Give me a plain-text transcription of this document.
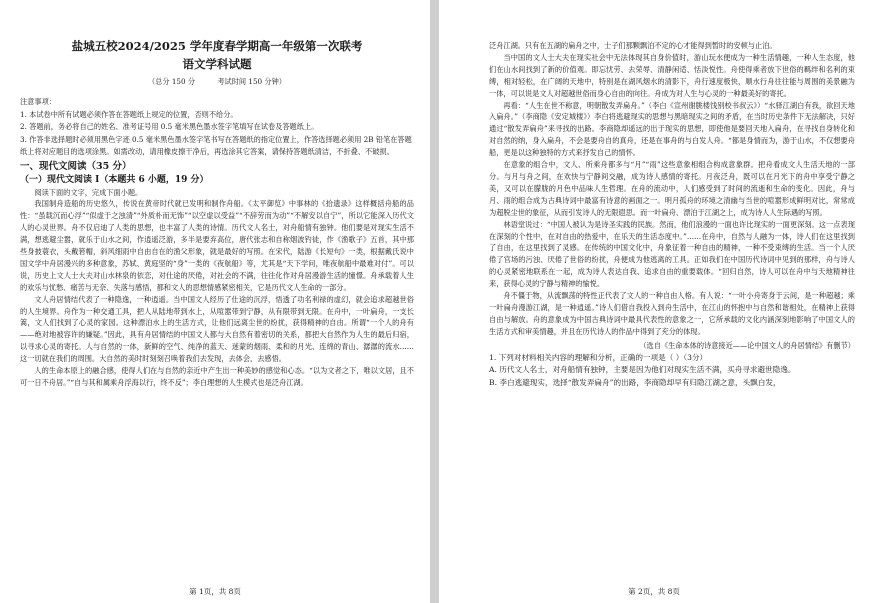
盐城五校2024/2025 学年度春学期高一年级第一次联考
语文学科试题
（总分 150 分	考试时间 150 分钟）
注意事项：
1. 本试卷中所有试题必须作答在答题纸上规定的位置，否则不给分。
2. 答题前，务必将自己的姓名、准考证号用 0.5 毫米黑色墨水签字笔填写在试卷及答题纸上。
3. 作答非选择题时必须用黑色字迹 0.5 毫米黑色墨水签字笔书写在答题纸的指定位置上，作答选择题必须用 2B 铅笔在答题纸上将对应题目的选项涂黑。如需改动，请用橡皮擦干净后，再选涂其它答案，请保持答题纸清洁，不折叠、不破损。
一、现代文阅读（35 分）
（一）现代文阅读 I（本题共 6 小题，19 分）

阅读下面的文字，完成下面小题。

我国制舟造船的历史悠久，传说在黄帝时代就已发明和制作舟船。《太平御览》中事林的《拾遗录》这样概括舟船的品性：“虽载沉而心浮”“似虚于之浊清”“外质朴而无饰”“以空虚以受益”“不辞劳而为动”“不解安以自宁”，所以它能深入历代文人的心灵世界。舟不仅启迪了人类的思想，也丰富了人类的诗情。历代文人名士，对舟船情有独钟。他们要是对现实生活不满，想逃避尘嚣，就乐于山水之间，作逍遥泛游，多半是要弃高位，唐代张志和自称烟波钓徒，作《渔歌子》五首，其中那些身披蓑衣，头戴箬帽，斜风细雨中自由自在的渔父形象，就是最好的写照。在宋代，陆游《长短句》一类，根据戴氏说中国文学中舟居漫兴的多种意象，苏轼、黄庭坚的“身”一类的《夜航船》等，尤其是“天下学问，唯夜航船中最难对付”。可以说，历史上文人士大夫对山水林泉的依恋，对仕途的厌倦，对社会的不满，往往化作对舟居漫游生活的憧憬。舟承载着人生的欢乐与忧愁、痛苦与无奈、失落与感悟，都和文人的思想情感紧密相关，它是历代文人生命的一部分。

文人舟居情结代表了一种隐逸，一种逍遥。当中国文人经历了仕途的沉浮，悟透了功名利禄的虚幻，就会追求超越世俗的人生境界。舟作为一种交通工具，把人从陆地带到水上，从喧嚣带到宁静，从有限带到无限。在舟中，一叶扁舟，一支长篙，文人们找到了心灵的家园。这种漂泊水上的生活方式，让他们远离尘世的纷扰，获得精神的自由。所谓“一个人的舟有——绝对地被容许的嫌疑。”因此，具有舟居情结的中国文人都与大自然有着密切的关系，都把大自然作为人生的最后归宿，以寻求心灵的寄托。人与自然的一体，新鲜的空气、纯净的蓝天、迷蒙的烟雨、柔和的月光、连绵的青山、潺潺的流水……这一切就在我们的周围。大自然的美时时刻刻召唤着我们去发现，去体会，去感悟。

人的生命本原上的融合感，使得人们在与自然的亲近中产生出一种美妙的感觉和心态。“以为文者之下，唯以文居，且不可一日不舟居。”“自与其和属乘舟浮海以行，终不反”；李白理想的人生模式也是泛舟江湖。

第 1页，共 8页

泛舟江湖。只有在五湖的扁舟之中，士子们那颗飘泊不定的心才能得到暂时的安顿与止泊。

当中国的文人士大夫在现实社会中无法体现其自身价值时，游山玩水便成为一种生活情趣，一种人生态度，他们在山水间找到了新的价值观。即忘忧劳、去荣辱、清静闲适、恬淡悦性。舟使得乘者放下世俗的羁绊和名利的束缚，相对轻松，在广阔的天地中，特别是在湖风烟水的清影下，舟行速度极快，顺水行舟往往能与周围的美景融为一体，可以说是文人对超越世俗而身心自由的向往。舟成为对人生与心灵的一种最美好的寄托。

再看：“人生在世不称意，明朝散发弄扁舟。”（李白《宣州谢朓楼饯别校书叔云》）“水驿江湖白有我，欲回天地入扁舟。”（李商隐《安定城楼》）李白将逃避现实的思想与黑暗现实之间的矛盾，在当时历史条件下无法解决，只好通过“散发弄扁舟”来寻找的出路。李商隐却遥远的出于现实的思想，即使他是要回天地入扁舟，在寻找自身转化和对自然的纳，身入扁舟，不会是要舟自的真舟，还是在事舟的与白发人舟。“都是身情而为，游于山水，不仅想要舟船，更是以这种独特的方式来抒发自己的情怀。

在意象的组合中，文人、所乘舟都多与“月”“雨”这些意象相组合构成意象群。把舟看成文人生活天地的一部分。与月与舟之间，在欢快与宁静间交融，成为诗人感情的寄托。月夜泛舟，既可以在月光下的舟中享受宁静之美，又可以在朦胧的月色中品味人生哲理。在舟的流动中，人们感受到了时间的流逝和生命的变化。因此，舟与月、雨的组合成为古典诗词中最富有诗意的画面之一。明月孤舟的环境之清幽与当世的喧嚣形成鲜明对比，常常成为超脱尘世的象征，从而引发诗人的无限遐思。而一叶扁舟、漂泊于江湖之上，成为诗人人生际遇的写照。

林语堂说过：“中国人被认为是诗圣实践的民族。然而，他们浪漫的一面也许比现实的一面更深刻。这一点表现在深刻的个性中，在对自由的热爱中，在乐天的生活态度中。”……在舟中，自然与人融为一体，诗人们在这里找到了自由，在这里找到了灵感。在传统的中国文化中，舟象征着一种自由的精神，一种不受束缚的生活。当一个人厌倦了官场的污浊、厌倦了世俗的纷扰，舟便成为他逃离的工具。正如我们在中国历代诗词中见到的那样，舟与诗人的心灵紧密地联系在一起，成为诗人表达自我、追求自由的重要载体。“回归自然，诗人可以在舟中与天地精神往来，获得心灵的宁静与精神的愉悦。

舟不僵于物，从流飘荡的特性正代表了文人的一种自由人格。有人说：“一叶小舟寄身于云间，是一种超越；乘一叶扁舟漫游江湖，是一种逍遥。”诗人们借自我投入到舟生活中，在江山的怀抱中与自然和谐相处，在精神上获得自由与解放。舟的意象成为中国古典诗词中最具代表性的意象之一，它所承载的文化内涵深刻地影响了中国文人的生活方式和审美情趣，并且在历代诗人的作品中得到了充分的体现。

（选自《生命本体的诗意接近——论中国文人的舟居情结》有删节）

1. 下列对材料相关内容的理解和分析，正确的一项是（ ）（3分）

A. 历代文人名士，对舟船情有独钟，主要是因为他们对现实生活不满，买舟寻求避世隐逸。

B. 李白逃避现实，选择“散发弄扁舟”的出路，李商隐却早有归隐江湖之意，头飘白发，

第 2页，共 8页
